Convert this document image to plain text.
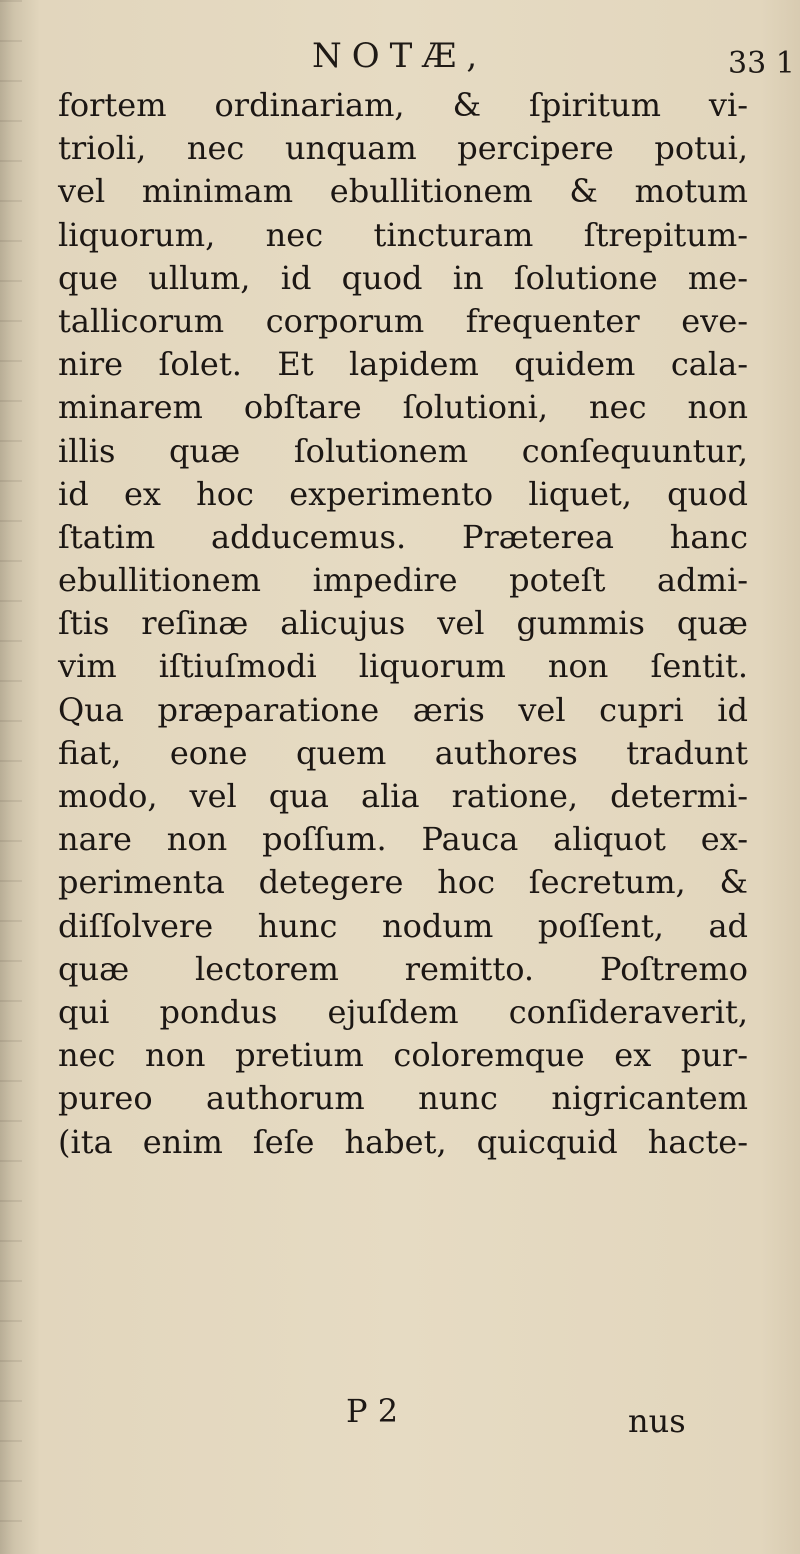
NOTÆ,	33 1
fortem ordinariam, & ſpiritum vi-
trioli, nec unquam percipere potui,
vel minimam ebullitionem & motum
liquorum, nec tincturam ſtrepitum-
que ullum, id quod in ſolutione me-
tallicorum corporum frequenter eve-
nire ſolet. Et lapidem quidem cala-
minarem obſtare ſolutioni, nec non
illis quæ ſolutionem conſequuntur,
id ex hoc experimento liquet, quod
ſtatim adducemus. Præterea hanc
ebullitionem impedire poteſt admi-
ſtis reſinæ alicujus vel gummis quæ
vim iſtiuſmodi liquorum non ſentit.
Qua præparatione æris vel cupri id
fiat, eone quem authores tradunt
modo, vel qua alia ratione, determi-
nare non poſſum. Pauca aliquot ex-
perimenta detegere hoc ſecretum, &
diſſolvere hunc nodum poſſent, ad
quæ lectorem remitto. Poſtremo
qui pondus ejuſdem conſideraverit,
nec non pretium coloremque ex pur-
pureo authorum nunc nigricantem
(ita enim ſeſe habet, quicquid hacte-
P 2	nus
